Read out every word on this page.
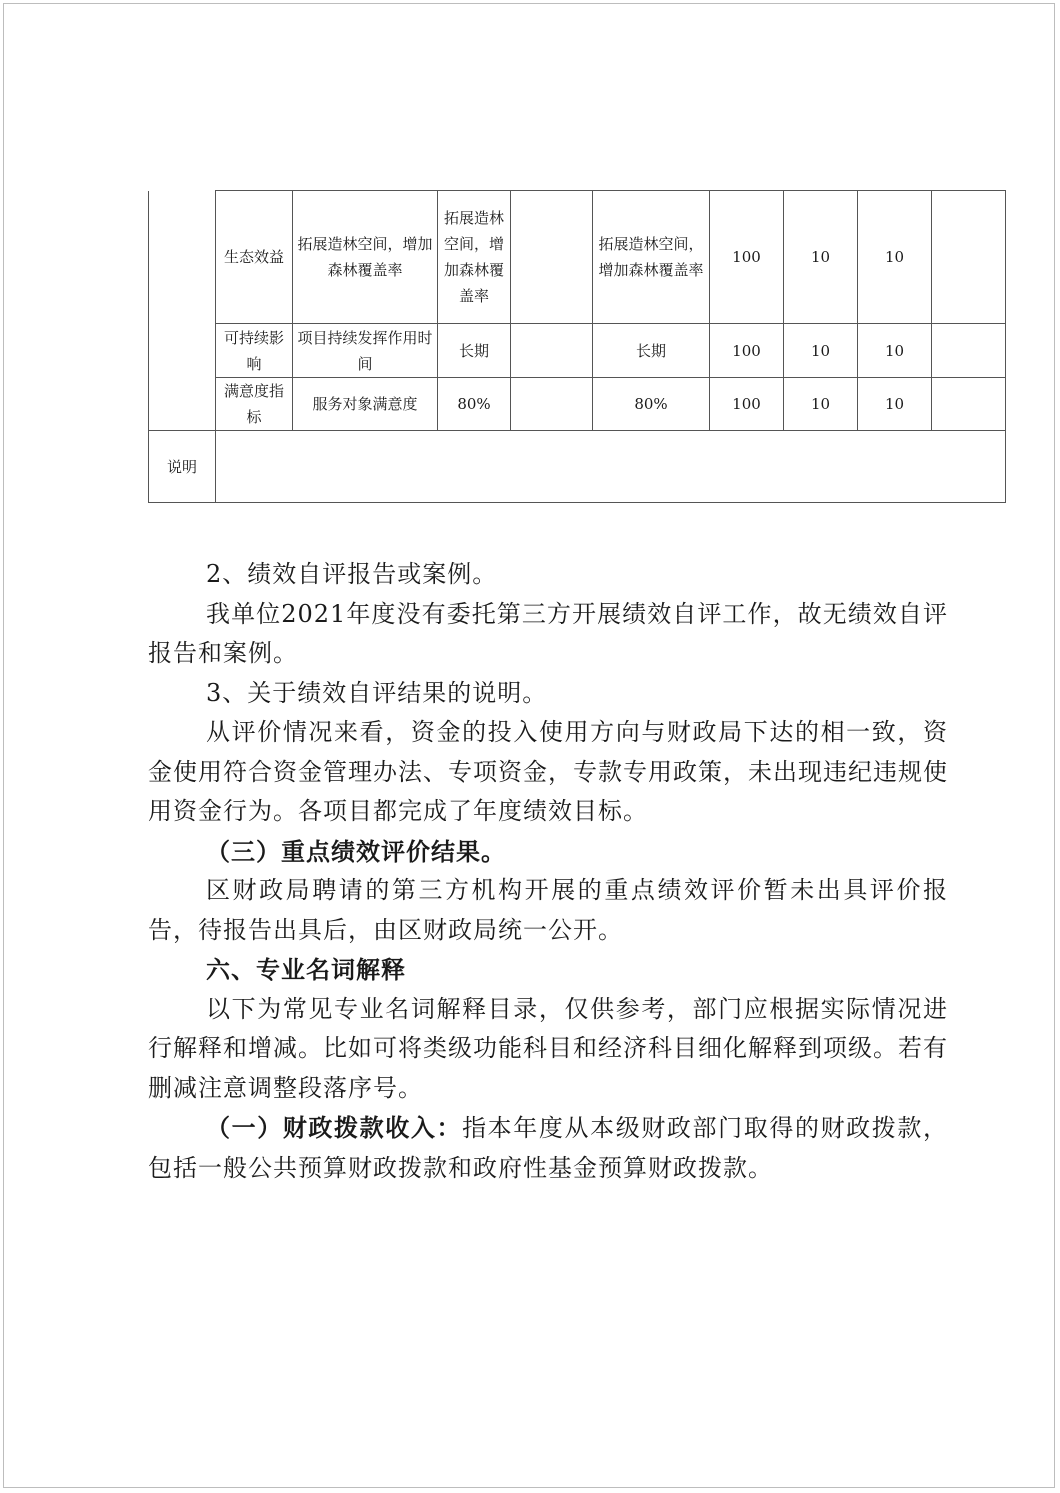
	生态效益	拓展造林空间，增加森林覆盖率	拓展造林空间，增加森林覆盖率		拓展造林空间，增加森林覆盖率	100	10	10	
	可持续影响	项目持续发挥作用时间	长期		长期	100	10	10	
	满意度指标	服务对象满意度	80%		80%	100	10	10	
说明									

2、绩效自评报告或案例。

我单位2021年度没有委托第三方开展绩效自评工作，故无绩效自评报告和案例。

3、关于绩效自评结果的说明。

从评价情况来看，资金的投入使用方向与财政局下达的相一致，资金使用符合资金管理办法、专项资金，专款专用政策，未出现违纪违规使用资金行为。各项目都完成了年度绩效目标。

（三）重点绩效评价结果。

区财政局聘请的第三方机构开展的重点绩效评价暂未出具评价报告，待报告出具后，由区财政局统一公开。

六、专业名词解释

以下为常见专业名词解释目录，仅供参考，部门应根据实际情况进行解释和增减。比如可将类级功能科目和经济科目细化解释到项级。若有删减注意调整段落序号。

（一）财政拨款收入：指本年度从本级财政部门取得的财政拨款，包括一般公共预算财政拨款和政府性基金预算财政拨款。
